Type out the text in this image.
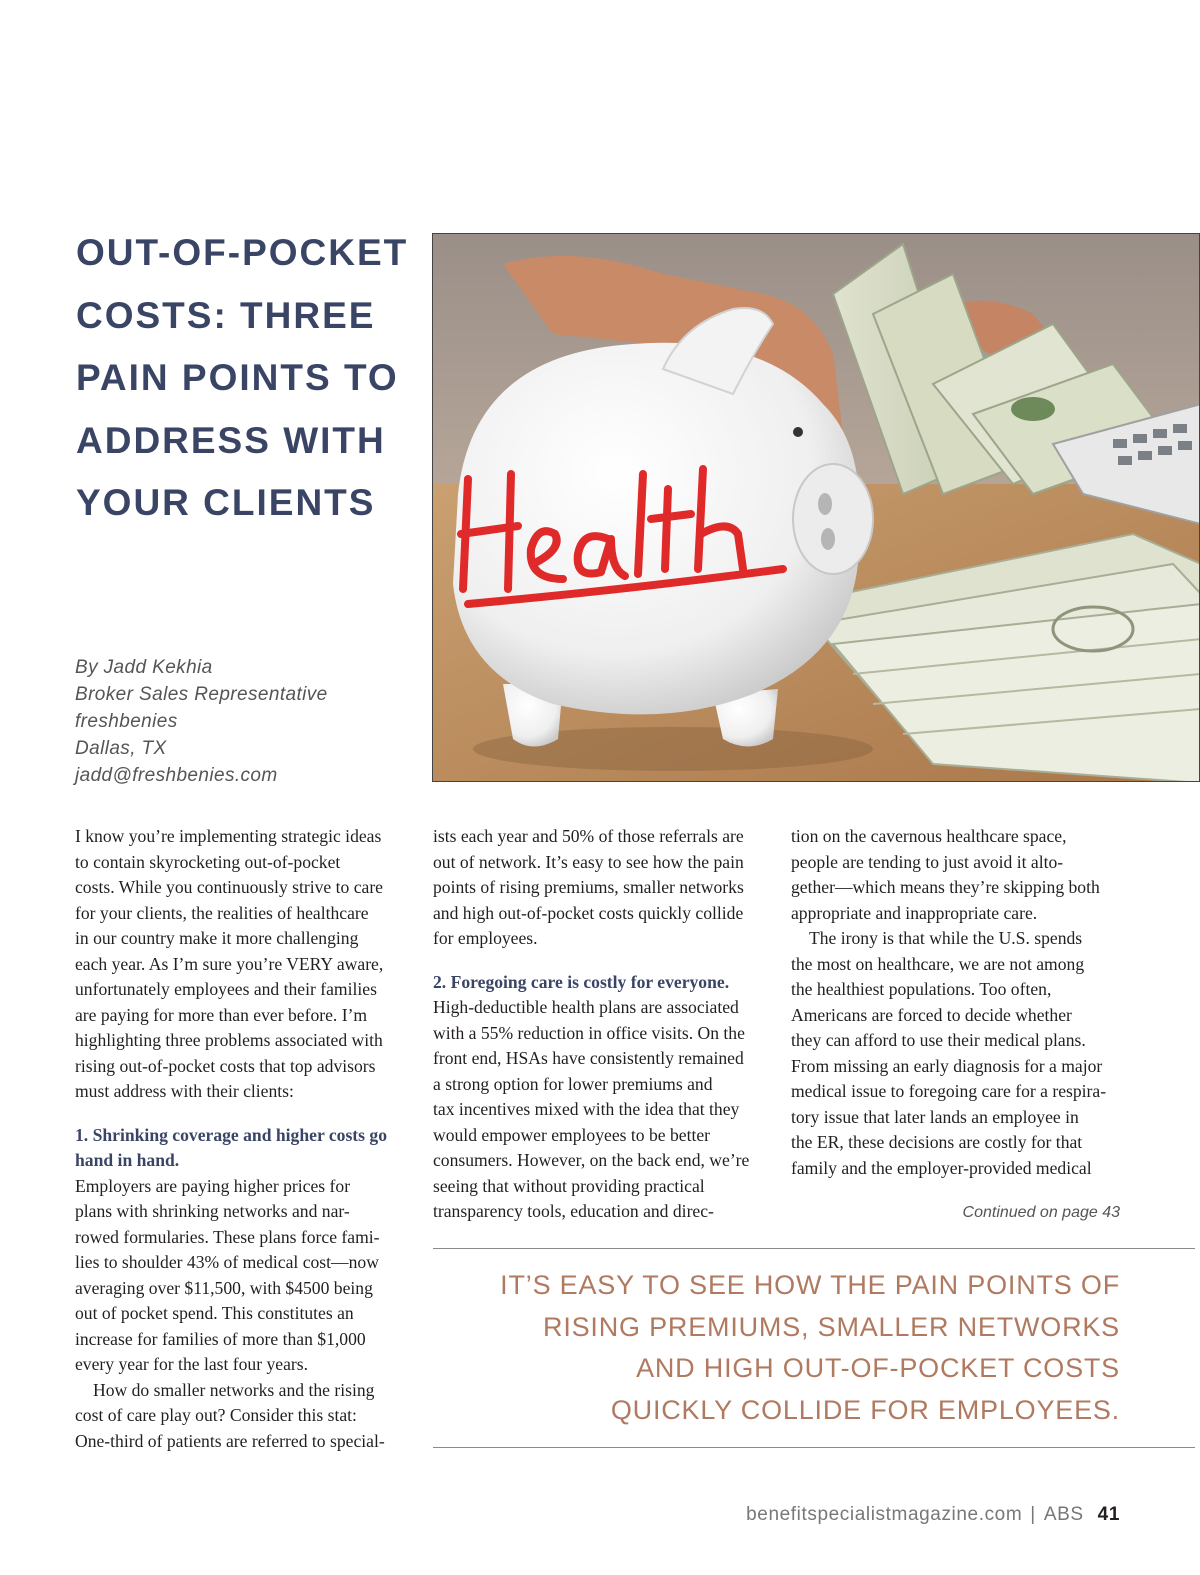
OUT-OF-POCKET
COSTS: THREE
PAIN POINTS TO
ADDRESS WITH
YOUR CLIENTS
By Jadd Kekhia
Broker Sales Representative
freshbenies
Dallas, TX
jadd@freshbenies.com

I know you’re implementing strategic ideas
to contain skyrocketing out-of-pocket
costs. While you continuously strive to care
for your clients, the realities of healthcare
in our country make it more challenging
each year. As I’m sure you’re VERY aware,
unfortunately employees and their families
are paying for more than ever before. I’m
highlighting three problems associated with
rising out-of-pocket costs that top advisors
must address with their clients:

1. Shrinking coverage and higher costs go
hand in hand.

Employers are paying higher prices for
plans with shrinking networks and nar-
rowed formularies. These plans force fami-
lies to shoulder 43% of medical cost—now
averaging over $11,500, with $4500 being
out of pocket spend. This constitutes an
increase for families of more than $1,000
every year for the last four years.

How do smaller networks and the rising
cost of care play out? Consider this stat:
One-third of patients are referred to special-

ists each year and 50% of those referrals are
out of network. It’s easy to see how the pain
points of rising premiums, smaller networks
and high out-of-pocket costs quickly collide
for employees.

2. Foregoing care is costly for everyone.

High-deductible health plans are associated
with a 55% reduction in office visits. On the
front end, HSAs have consistently remained
a strong option for lower premiums and
tax incentives mixed with the idea that they
would empower employees to be better
consumers. However, on the back end, we’re
seeing that without providing practical
transparency tools, education and direc-

tion on the cavernous healthcare space,
people are tending to just avoid it alto-
gether—which means they’re skipping both
appropriate and inappropriate care.

The irony is that while the U.S. spends
the most on healthcare, we are not among
the healthiest populations. Too often,
Americans are forced to decide whether
they can afford to use their medical plans.
From missing an early diagnosis for a major
medical issue to foregoing care for a respira-
tory issue that later lands an employee in
the ER, these decisions are costly for that
family and the employer-provided medical

Continued on page 43
IT’S EASY TO SEE HOW THE PAIN POINTS OF
RISING PREMIUMS, SMALLER NETWORKS
AND HIGH OUT-OF-POCKET COSTS
QUICKLY COLLIDE FOR EMPLOYEES.
benefitspecialistmagazine.com | ABS 41
